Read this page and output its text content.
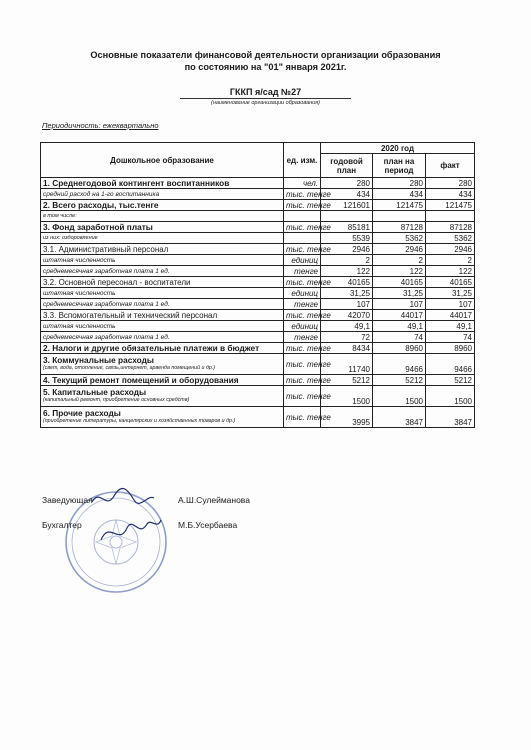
Основные показатели финансовой деятельности организации образования
по состоянию на "01" января 2021г.
ГККП я/сад №27
(наименование организации образования)
Периодичность: ежеквартально
Дошкольное образование	ед. изм.	2020 год		
		годовой план	план на период	факт
1. Среднегодовой контингент воспитанников	чел.	280	280	280
средний расход на 1-го воспитанника	тыс. тенге	434	434	434
2. Всего расходы, тыс.тенге	тыс. тенге	121601	121475	121475
в том числе:				
3. Фонд заработной платы	тыс. тенге	85181	87128	87128
из них: оздоровление		5539	5362	5362
3.1. Административный персонал	тыс. тенге	2946	2946	2946
штатная численность	единиц	2	2	2
среднемесячная заработная плата 1 ед.	тенге	122	122	122
3.2. Основной пересонал - воспитатели	тыс. тенге	40165	40165	40165
штатная численность	единиц	31,25	31,25	31,25
среднемесячная заработная плата 1 ед.	тенге	107	107	107
3.3. Вспомогательный и технический персонал	тыс. тенге	42070	44017	44017
штатная численность	единиц	49,1	49,1	49,1
среднемесячная заработная плата 1 ед.	тенге	72	74	74
2. Налоги и другие обязательные платежи в бюджет	тыс. тенге	8434	8960	8960

3. Коммунальные расходы
(свет, вода, отопление, связь,интернет, арвенда помещений и др.)	тыс. тенге	11740	9466	9466
4. Текущий ремонт помещений и оборудования	тыс. тенге	5212	5212	5212

5. Капитальные расходы
(капитальный ремонт, приобретение основных средств)	тыс. тенге	1500	1500	1500

6. Прочие расходы
(приобретение литературы, канцелярских и хозяйственных товаров и др.)	тыс. тенге	3995	3847	3847
Заведующая	А.Ш.Сулейманова
Бухгалтер	М.Б.Усербаева
